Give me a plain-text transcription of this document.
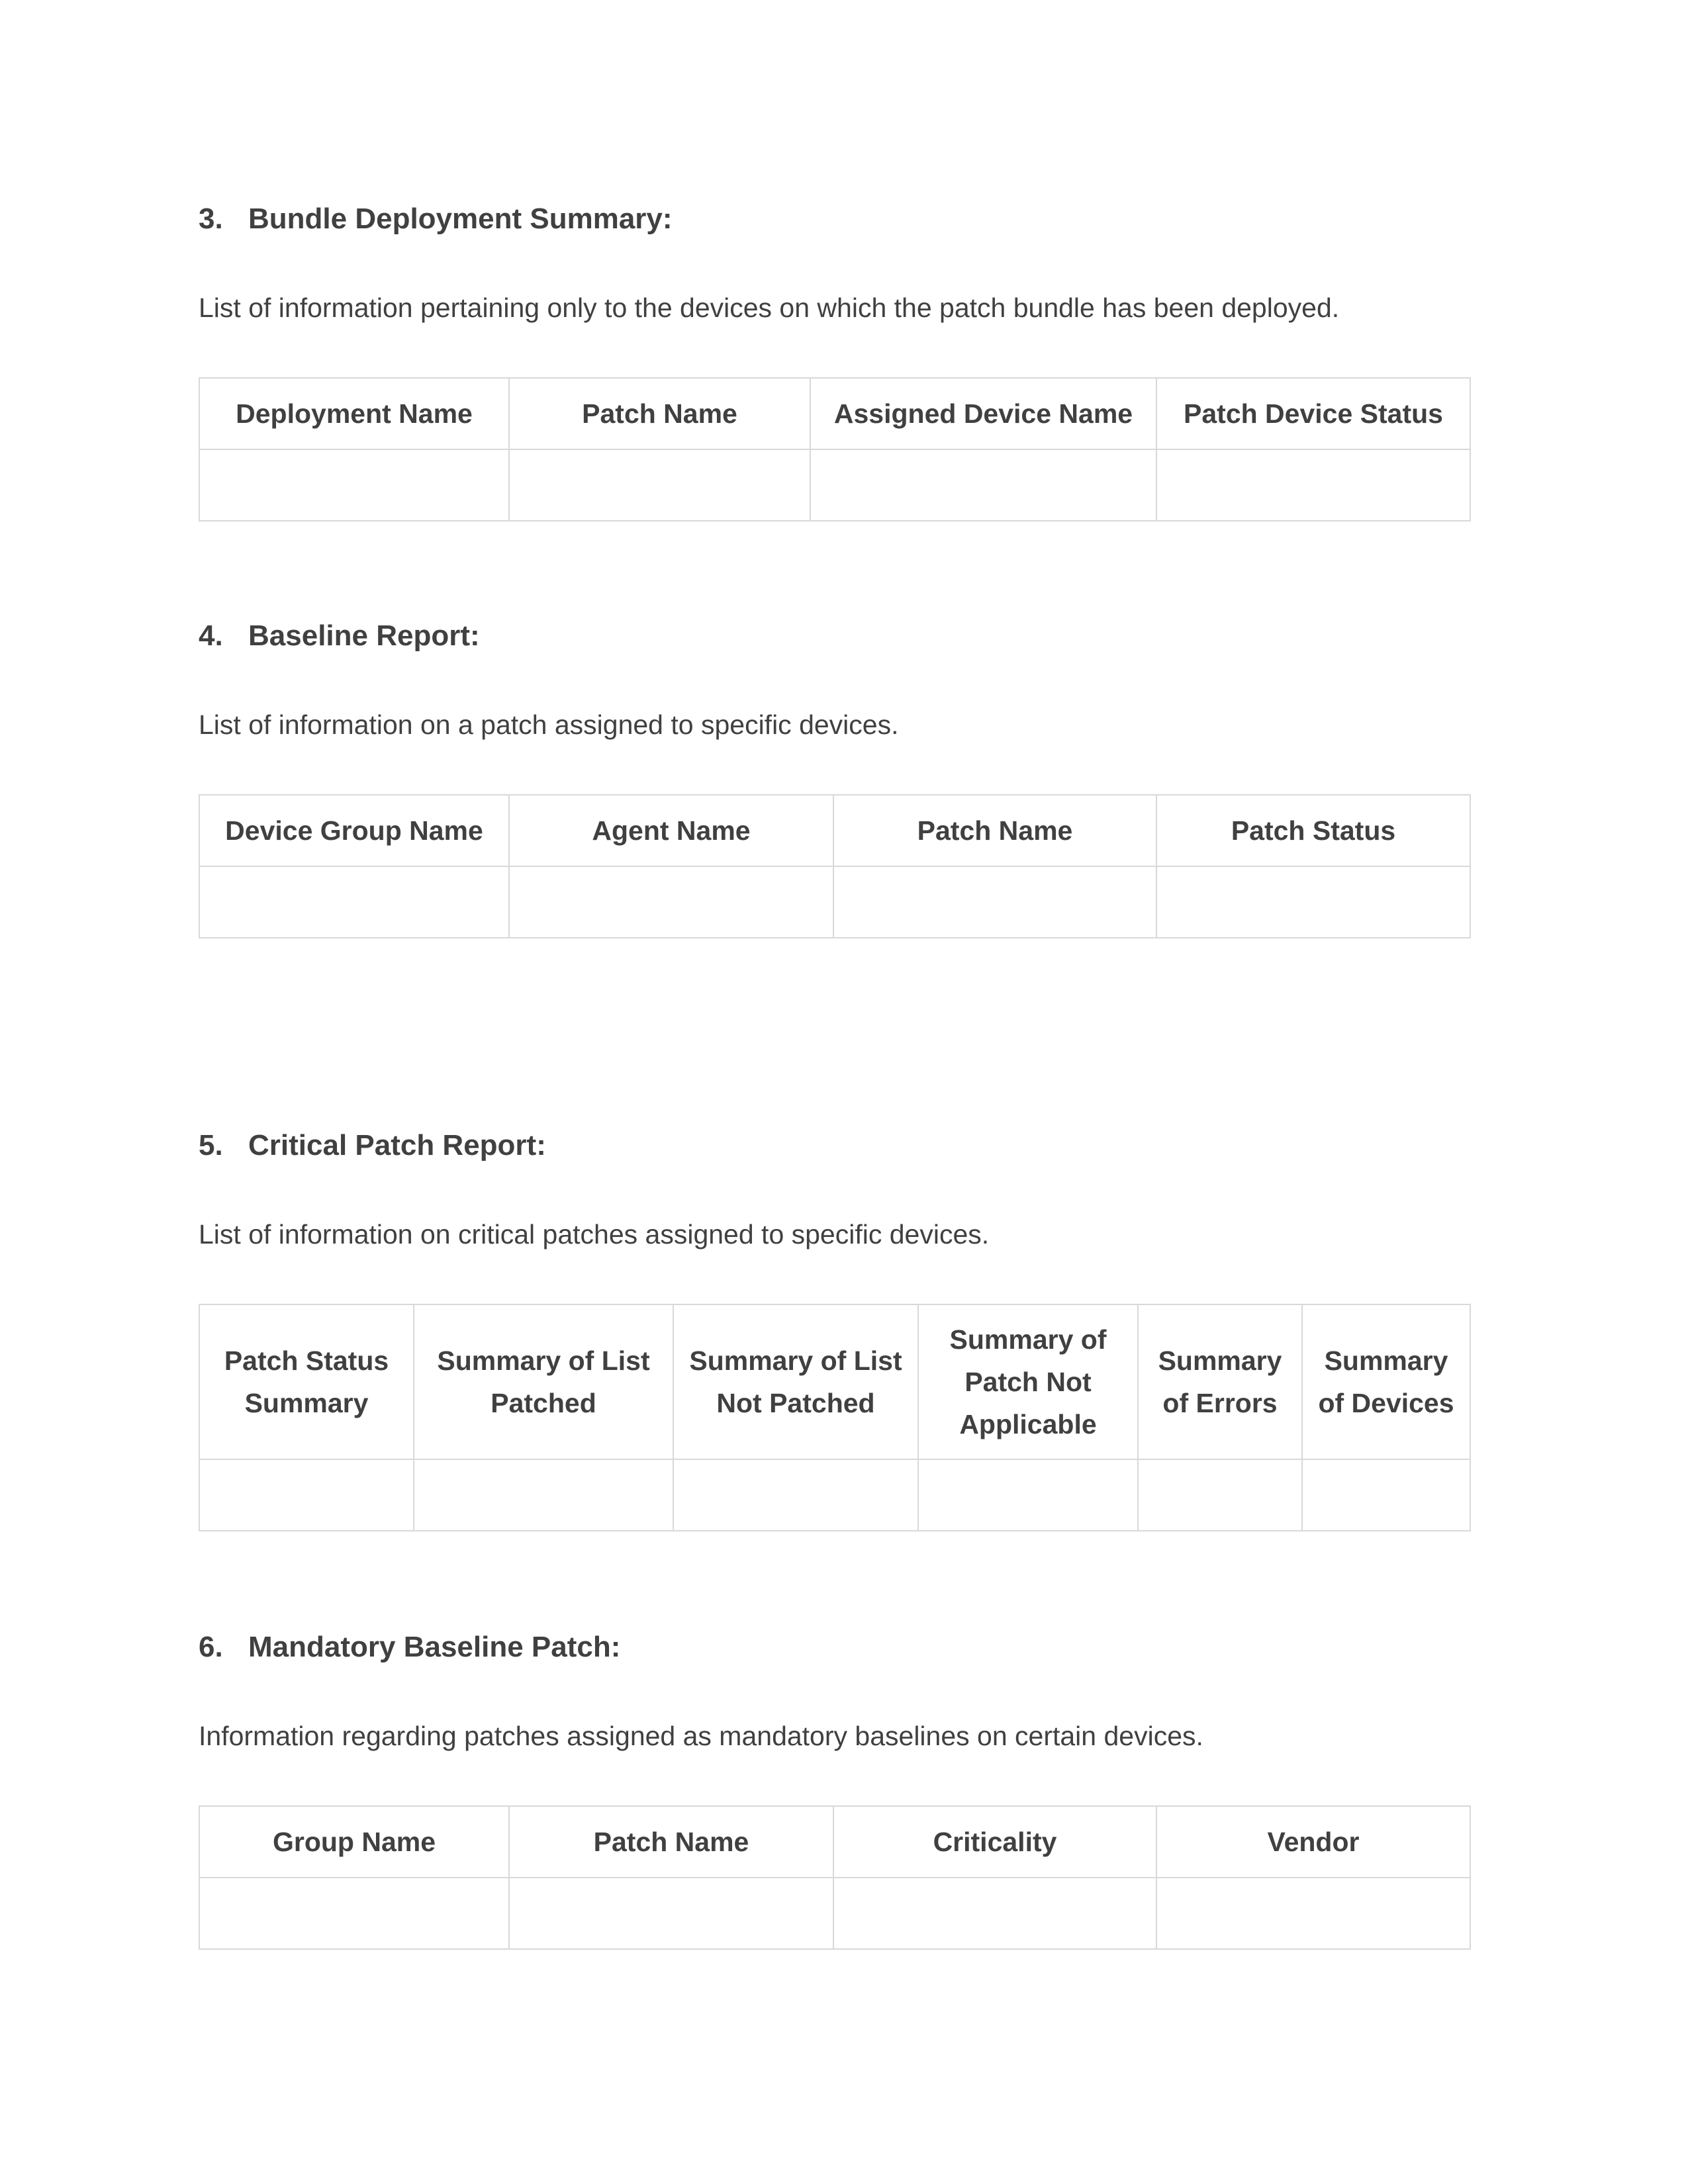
3. Bundle Deployment Summary:

List of information pertaining only to the devices on which the patch bundle has been deployed.

Deployment Name	Patch Name	Assigned Device Name	Patch Device Status

4. Baseline Report:

List of information on a patch assigned to specific devices.

Device Group Name	Agent Name	Patch Name	Patch Status

5. Critical Patch Report:

List of information on critical patches assigned to specific devices.

Patch Status Summary	Summary of List Patched	Summary of List Not Patched	Summary of Patch Not Applicable	Summary of Errors	Summary of Devices

6. Mandatory Baseline Patch:

Information regarding patches assigned as mandatory baselines on certain devices.

Group Name	Patch Name	Criticality	Vendor
